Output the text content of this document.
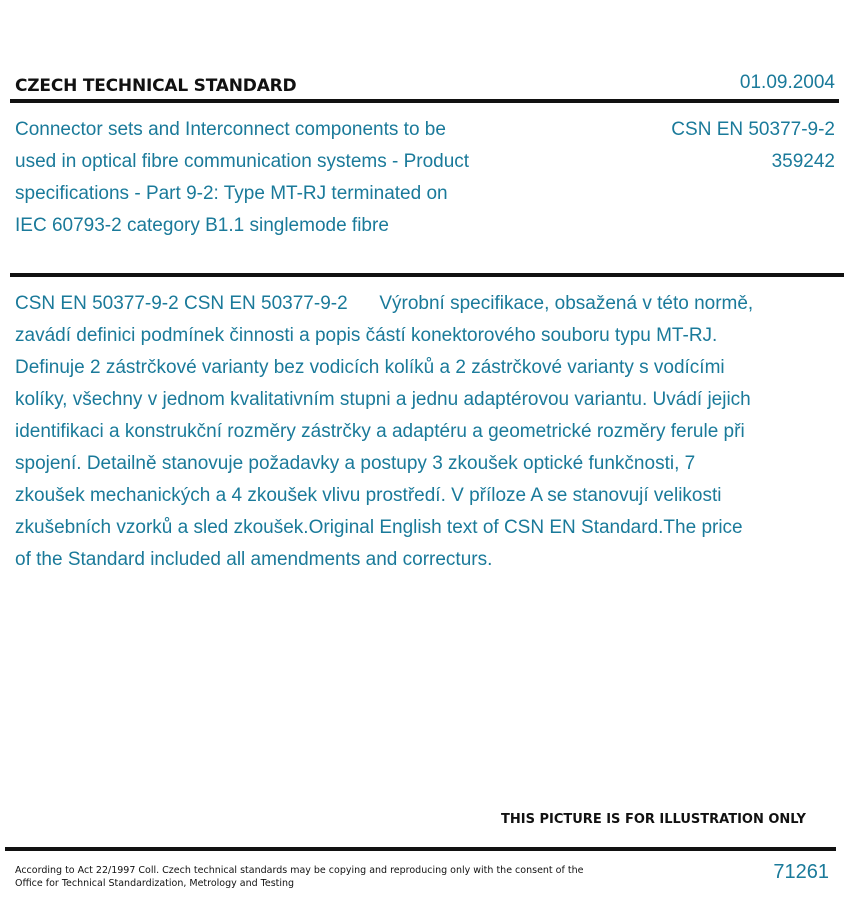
CZECH TECHNICAL STANDARD	01.09.2004
Connector sets and Interconnect components to be used in optical fibre communication systems - Product specifications - Part 9-2: Type MT-RJ terminated on IEC 60793-2 category B1.1 singlemode fibre
CSN EN 50377-9-2
359242
CSN EN 50377-9-2 CSN EN 50377-9-2      Výrobní specifikace, obsažená v této normě, zavádí definici podmínek činnosti a popis částí konektorového souboru typu MT-RJ. Definuje 2 zástrčkové varianty bez vodicích kolíků a 2 zástrčkové varianty s vodícími kolíky, všechny v jednom kvalitativním stupni a jednu adaptérovou variantu. Uvádí jejich identifikaci a konstrukční rozměry zástrčky a adaptéru a geometrické rozměry ferule při spojení. Detailně stanovuje požadavky a postupy 3 zkoušek optické funkčnosti, 7 zkoušek mechanických a 4 zkoušek vlivu prostředí. V příloze A se stanovují velikosti zkušebních vzorků a sled zkoušek.Original English text of CSN EN Standard.The price of the Standard included all amendments and correcturs.
THIS PICTURE IS FOR ILLUSTRATION ONLY
According to Act 22/1997 Coll. Czech technical standards may be copying and reproducing only with the consent of the Office for Technical Standardization, Metrology and Testing
71261
